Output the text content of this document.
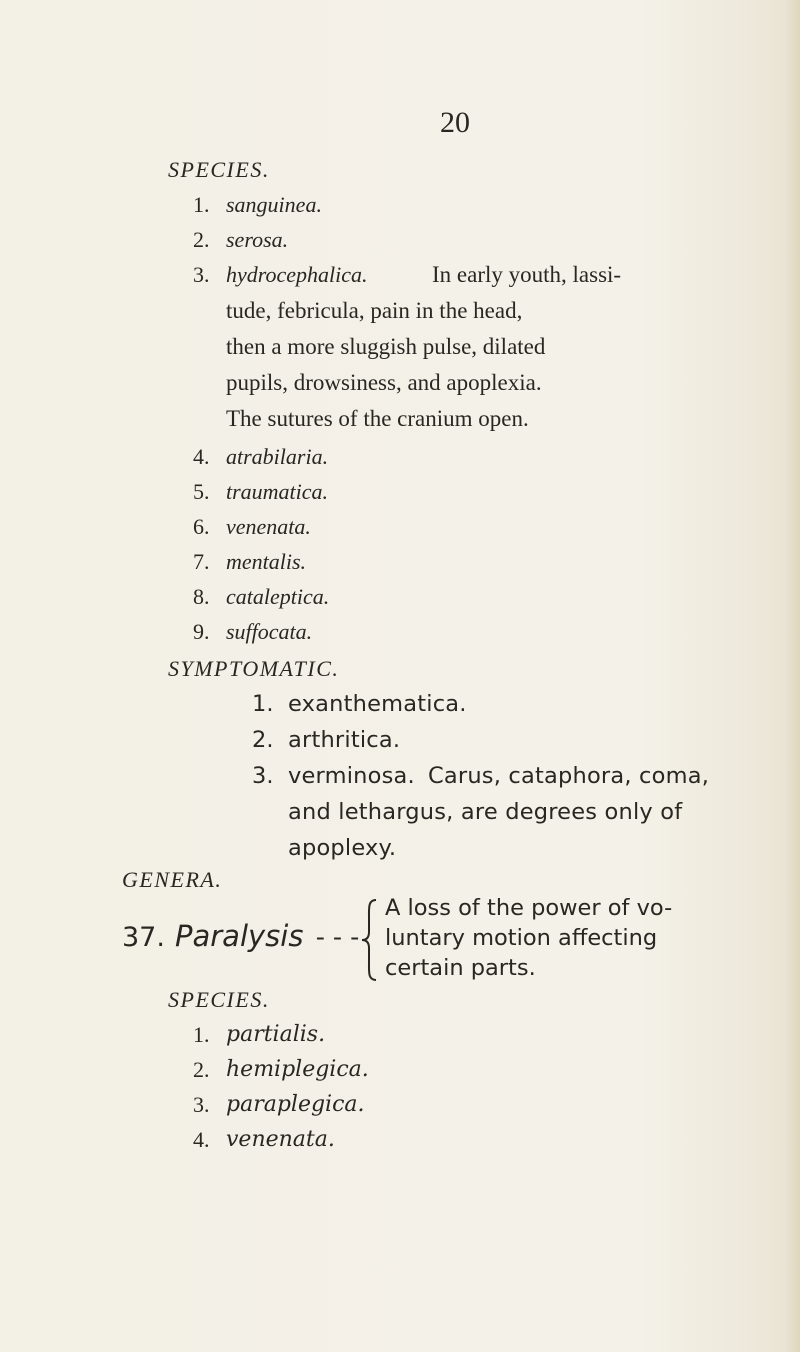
20
SPECIES.
1. sanguinea.
2. serosa.
3. hydrocephalica.	In early youth, lassi-
tude, febricula, pain in the head,
then a more sluggish pulse, dilated
pupils, drowsiness, and apoplexia.
The sutures of the cranium open.
4. atrabilaria.
5. traumatica.
6. venenata.
7. mentalis.
8. cataleptica.
9. suffocata.
SYMPTOMATIC.
1. exanthematica.
2. arthritica.
3. verminosa. Carus, cataphora, coma,
and lethargus, are degrees only of
apoplexy.
GENERA.
37. Paralysis - - -
A loss of the power of vo-
luntary motion affecting
certain parts.
SPECIES.
1. partialis.
2. hemiplegica.
3. paraplegica.
4. venenata.
